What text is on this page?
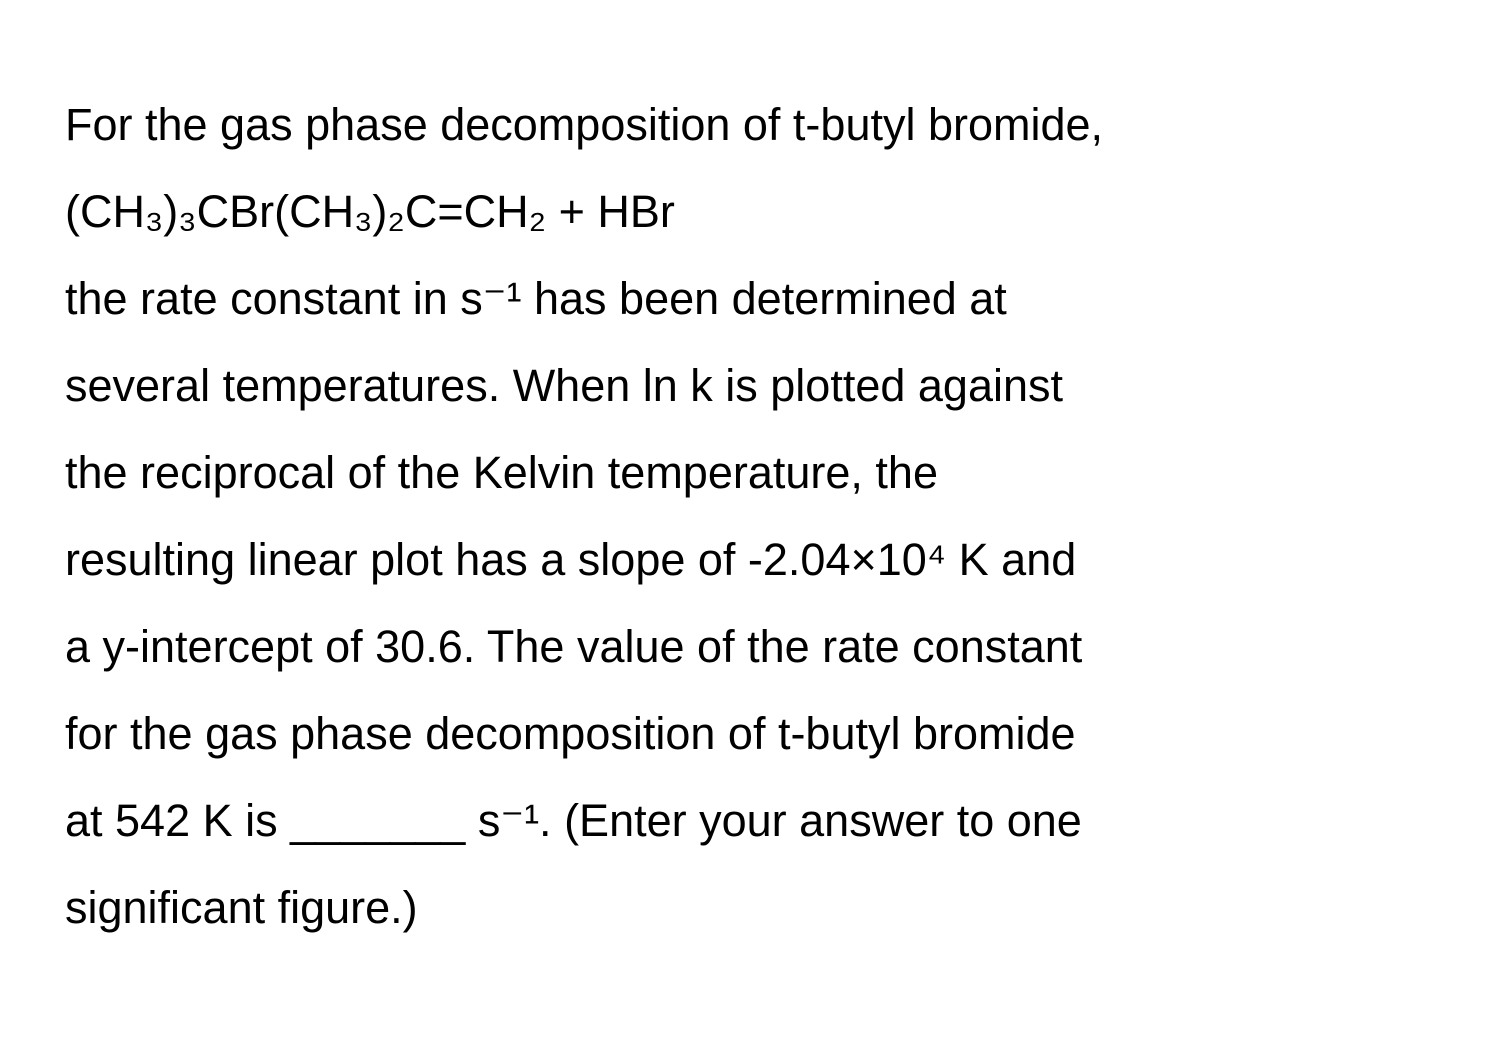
For the gas phase decomposition of t-butyl bromide,
(CH₃)₃CBr(CH₃)₂C=CH₂ + HBr
the rate constant in s⁻¹ has been determined at
several temperatures. When ln k is plotted against
the reciprocal of the Kelvin temperature, the
resulting linear plot has a slope of -2.04×10⁴ K and
a y-intercept of 30.6. The value of the rate constant
for the gas phase decomposition of t-butyl bromide
at 542 K is _______ s⁻¹. (Enter your answer to one
significant figure.)
